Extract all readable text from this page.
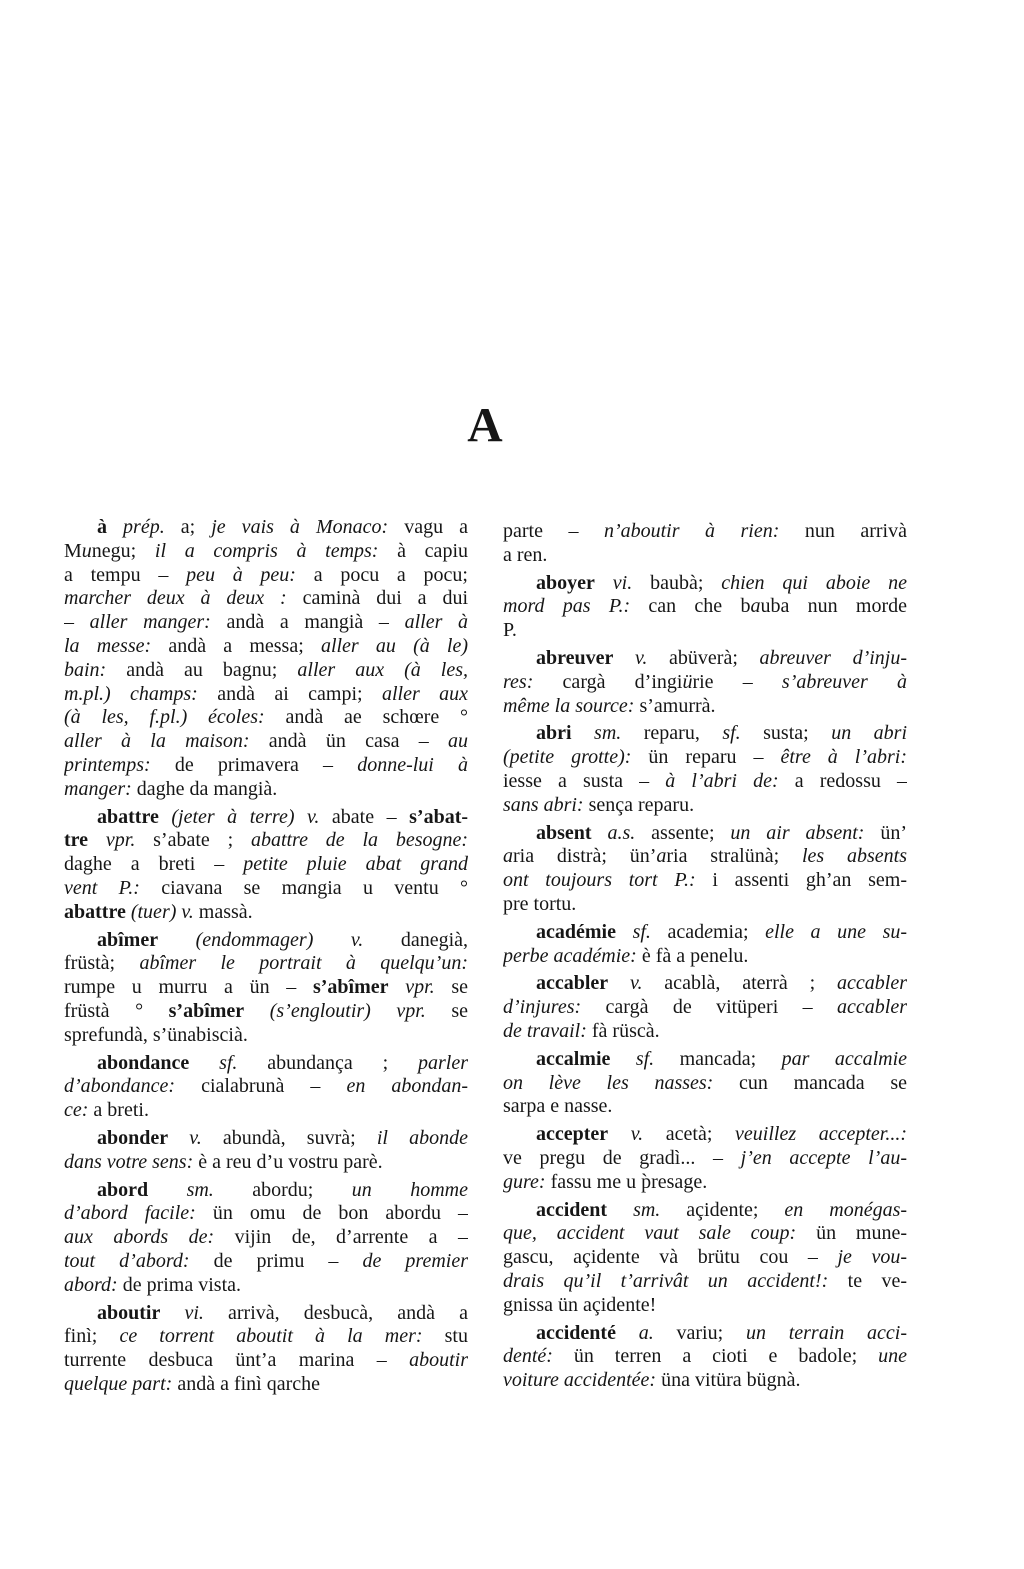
A
à prép. a; je vais à Monaco: vagu a
Munegu; il a compris à temps: à capiu
a tempu – peu à peu: a pocu a pocu;
marcher deux à deux : caminà dui a dui
– aller manger: andà a mangià – aller à
la messe: andà a messa; aller au (à le)
bain: andà au bagnu; aller aux (à les,
m.pl.) champs: andà ai campi; aller aux
(à les, f.pl.) écoles: andà ae schœre °
aller à la maison: andà ün casa – au
printemps: de primavera – donne-lui à
manger: daghe da mangià.
abattre (jeter à terre) v. abate – s’abat-
tre vpr. s’abate ; abattre de la besogne:
daghe a breti – petite pluie abat grand
vent P.: ciavana se mangia u ventu °
abattre (tuer) v. massà.
abîmer (endommager) v. danegià,
früstà; abîmer le portrait à quelqu’un:
rumpe u murru a ün – s’abîmer vpr. se
früstà ° s’abîmer (s’engloutir) vpr. se
sprefundà, s’ünabiscià.
abondance sf. abundança ; parler
d’abondance: cialabrunà – en abondan-
ce: a breti.
abonder v. abundà, suvrà; il abonde
dans votre sens: è a reu d’u vostru parè.
abord sm. abordu; un homme
d’abord facile: ün omu de bon abordu –
aux abords de: vijin de, d’arrente a –
tout d’abord: de primu – de premier
abord: de prima vista.
aboutir vi. arrivà, desbucà, andà a
finì; ce torrent aboutit à la mer: stu
turrente desbuca ünt’a marina – aboutir
quelque part: andà a finì qarche
parte – n’aboutir à rien: nun arrivà
a ren.
aboyer vi. baubà; chien qui aboie ne
mord pas P.: can che bauba nun morde
P.
abreuver v. abüverà; abreuver d’inju-
res: cargà d’ingiürie – s’abreuver à
même la source: s’amurrà.
abri sm. reparu, sf. susta; un abri
(petite grotte): ün reparu – être à l’abri:
iesse a susta – à l’abri de: a redossu –
sans abri: sença reparu.
absent a.s. assente; un air absent: ün’
aria distrà; ün’aria stralünà; les absents
ont toujours tort P.: i assenti gh’an sem-
pre tortu.
académie sf. academia; elle a une su-
perbe académie: è fà a penelu.
accabler v. acablà, aterrà ; accabler
d’injures: cargà de vitüperi – accabler
de travail: fà rüscà.
accalmie sf. mancada; par accalmie
on lève les nasses: cun mancada se
sarpa e nasse.
accepter v. acetà; veuillez accepter...:
ve pregu de gradì... – j’en accepte l’au-
gure: fassu me u p̀resage.
accident sm. açidente; en monégas-
que, accident vaut sale coup: ün mune-
gascu, açidente và brütu cou – je vou-
drais qu’il t’arrivât un accident!: te ve-
gnissa ün açidente!
accidenté a. variu; un terrain acci-
denté: ün terren a cioti e badole; une
voiture accidentée: üna vitüra bügnà.
